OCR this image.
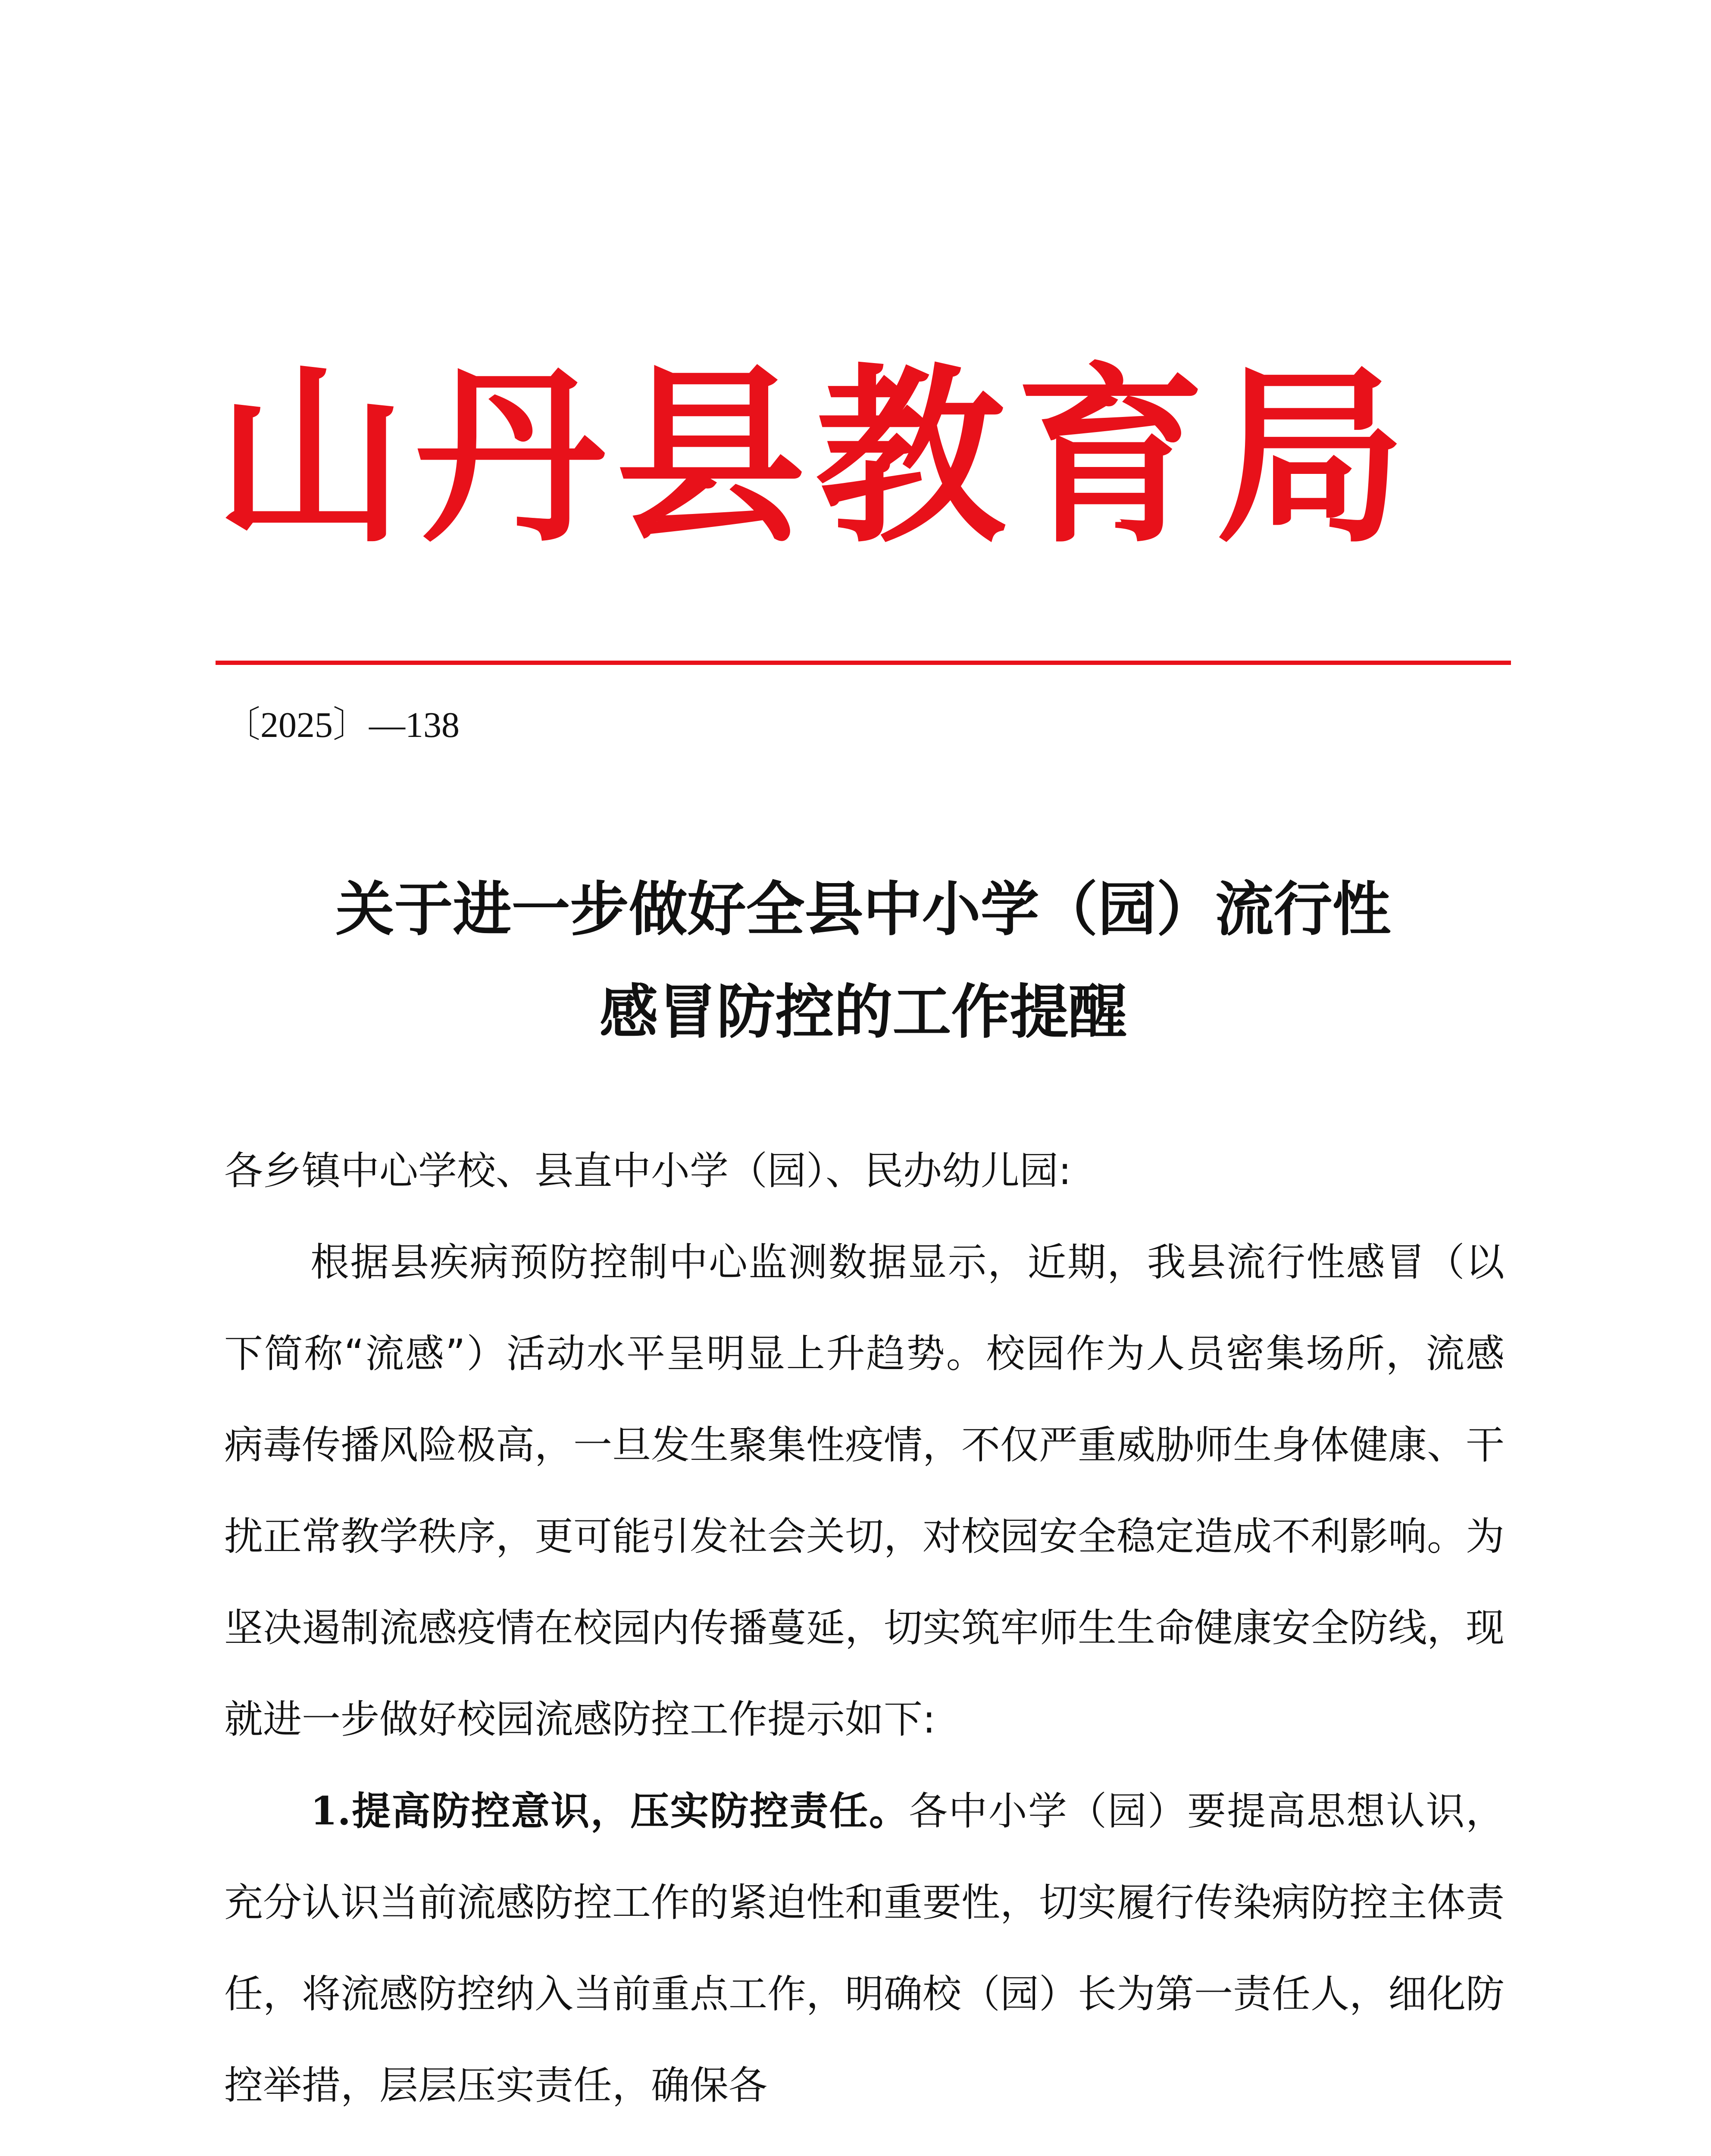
山丹县教育局
〔2025〕—138
关于进一步做好全县中小学（园）流行性
感冒防控的工作提醒

各乡镇中心学校、县直中小学（园）、民办幼儿园:

根据县疾病预防控制中心监测数据显示，近期，我县流行性感冒（以下简称“流感”）活动水平呈明显上升趋势。校园作为人员密集场所，流感病毒传播风险极高，一旦发生聚集性疫情，不仅严重威胁师生身体健康、干扰正常教学秩序，更可能引发社会关切，对校园安全稳定造成不利影响。为坚决遏制流感疫情在校园内传播蔓延，切实筑牢师生生命健康安全防线，现就进一步做好校园流感防控工作提示如下:

1.提高防控意识，压实防控责任。各中小学（园）要提高思想认识，充分认识当前流感防控工作的紧迫性和重要性，切实履行传染病防控主体责任，将流感防控纳入当前重点工作，明确校（园）长为第一责任人，细化防控举措，层层压实责任，确保各
